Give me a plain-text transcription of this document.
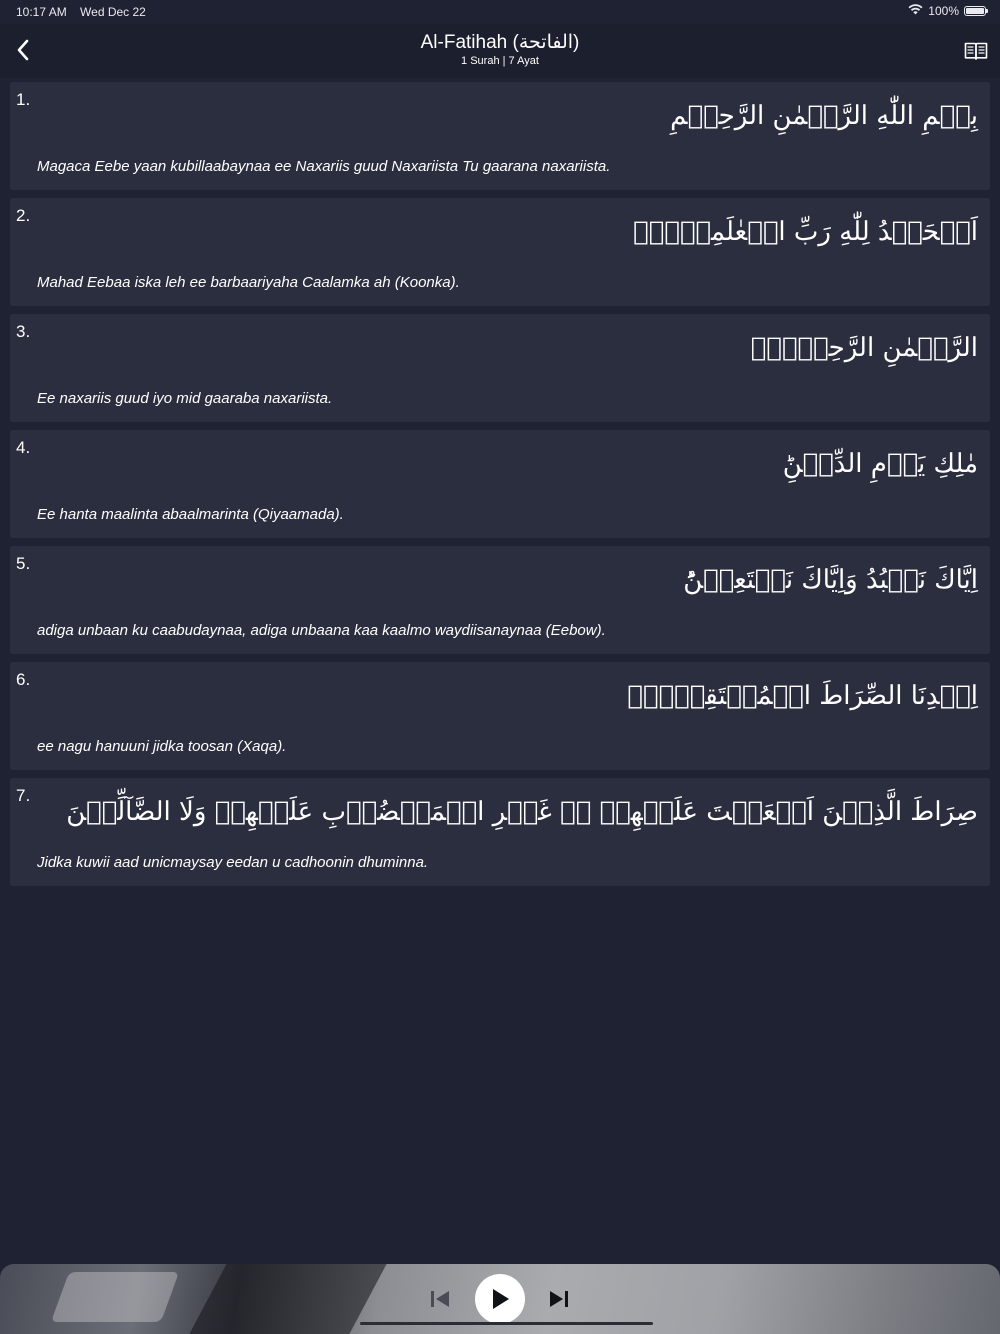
10:17 AM Wed Dec 22	100%
Al-Fatihah (الفاتحة)
1 Surah | 7 Ayat
1.
بِسۡمِ اللّٰهِ الرَّحۡمٰنِ الرَّحِيۡمِ
Magaca Eebe yaan kubillaabaynaa ee Naxariis guud Naxariista Tu gaarana naxariista.
2.
اَلۡحَمۡدُ لِلّٰهِ رَبِّ الۡعٰلَمِيۡنَۙ
Mahad Eebaa iska leh ee barbaariyaha Caalamka ah (Koonka).
3.
الرَّحۡمٰنِ الرَّحِيۡمِۙ
Ee naxariis guud iyo mid gaaraba naxariista.
4.
مٰلِكِ يَوۡمِ الدِّيۡنِؕ
Ee hanta maalinta abaalmarinta (Qiyaamada).
5.
اِيَّاكَ نَعۡبُدُ وَاِيَّاكَ نَسۡتَعِيۡنُؕ
adiga unbaan ku caabudaynaa, adiga unbaana kaa kaalmo waydiisanaynaa (Eebow).
6.
اِهۡدِنَا الصِّرَاطَ الۡمُسۡتَقِيۡمَۙ
ee nagu hanuuni jidka toosan (Xaqa).
7.
صِرَاطَ الَّذِيۡنَ اَنۡعَمۡتَ عَلَيۡهِمۡ ۙ۬ غَيۡرِ الۡمَغۡضُوۡبِ عَلَيۡهِمۡ وَلَا الضَّآلِّيۡنَ
Jidka kuwii aad unicmaysay eedan u cadhoonin dhuminna.
